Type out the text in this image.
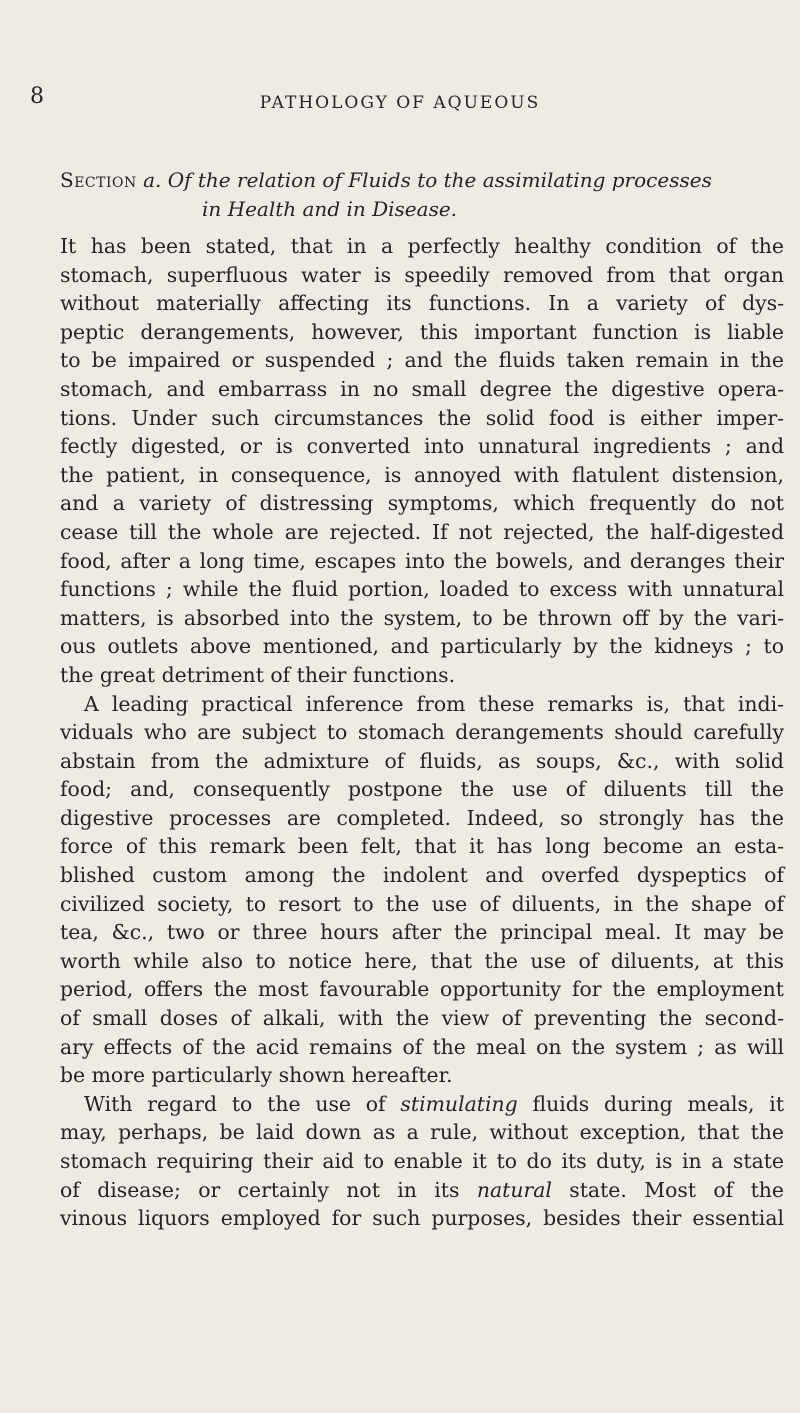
8	PATHOLOGY OF AQUEOUS
Section a. Of the relation of Fluids to the assimilating processes
in Health and in Disease.
It has been stated, that in a perfectly healthy condition of the
stomach, superfluous water is speedily removed from that organ
without materially affecting its functions. In a variety of dys-
peptic derangements, however, this important function is liable
to be impaired or suspended ; and the fluids taken remain in the
stomach, and embarrass in no small degree the digestive opera-
tions. Under such circumstances the solid food is either imper-
fectly digested, or is converted into unnatural ingredients ; and
the patient, in consequence, is annoyed with flatulent distension,
and a variety of distressing symptoms, which frequently do not
cease till the whole are rejected. If not rejected, the half-digested
food, after a long time, escapes into the bowels, and deranges their
functions ; while the fluid portion, loaded to excess with unnatural
matters, is absorbed into the system, to be thrown off by the vari-
ous outlets above mentioned, and particularly by the kidneys ; to
the great detriment of their functions.
A leading practical inference from these remarks is, that indi-
viduals who are subject to stomach derangements should carefully
abstain from the admixture of fluids, as soups, &c., with solid
food; and, consequently postpone the use of diluents till the
digestive processes are completed. Indeed, so strongly has the
force of this remark been felt, that it has long become an esta-
blished custom among the indolent and overfed dyspeptics of
civilized society, to resort to the use of diluents, in the shape of
tea, &c., two or three hours after the principal meal. It may be
worth while also to notice here, that the use of diluents, at this
period, offers the most favourable opportunity for the employment
of small doses of alkali, with the view of preventing the second-
ary effects of the acid remains of the meal on the system ; as will
be more particularly shown hereafter.
With regard to the use of stimulating fluids during meals, it
may, perhaps, be laid down as a rule, without exception, that the
stomach requiring their aid to enable it to do its duty, is in a state
of disease; or certainly not in its natural state. Most of the
vinous liquors employed for such purposes, besides their essential
